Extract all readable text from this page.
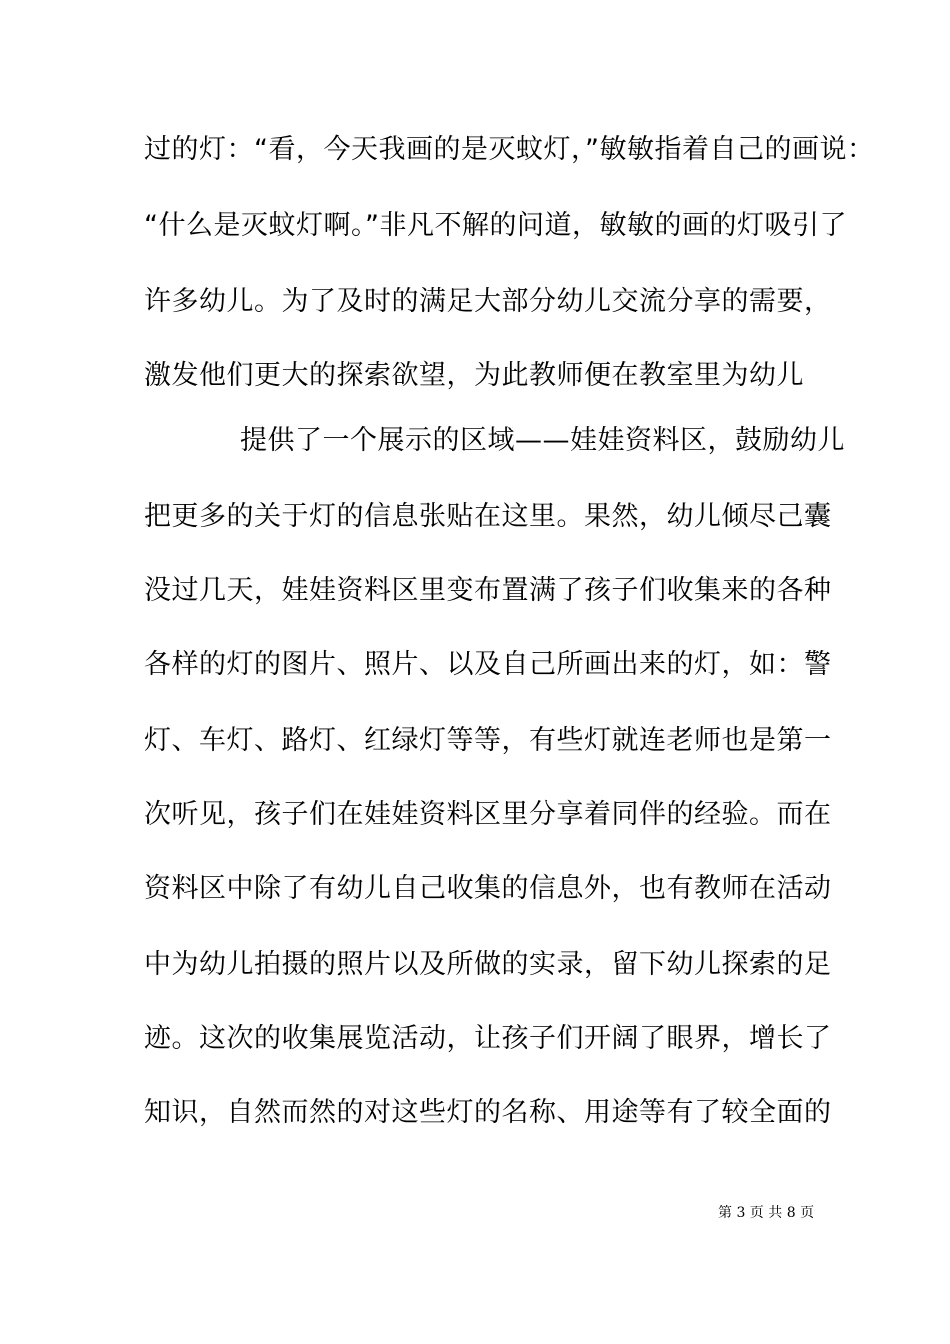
过的灯：“看，今天我画的是灭蚊灯，”敏敏指着自己的画说：
“什么是灭蚊灯啊。”非凡不解的问道，敏敏的画的灯吸引了
许多幼儿。为了及时的满足大部分幼儿交流分享的需要，
激发他们更大的探索欲望，为此教师便在教室里为幼儿
提供了一个展示的区域——娃娃资料区，鼓励幼儿
把更多的关于灯的信息张贴在这里。果然，幼儿倾尽己囊
没过几天，娃娃资料区里变布置满了孩子们收集来的各种
各样的灯的图片、照片、以及自己所画出来的灯，如：警
灯、车灯、路灯、红绿灯等等，有些灯就连老师也是第一
次听见，孩子们在娃娃资料区里分享着同伴的经验。而在
资料区中除了有幼儿自己收集的信息外，也有教师在活动
中为幼儿拍摄的照片以及所做的实录，留下幼儿探索的足
迹。这次的收集展览活动，让孩子们开阔了眼界，增长了
知识，自然而然的对这些灯的名称、用途等有了较全面的
第 3 页 共 8 页
